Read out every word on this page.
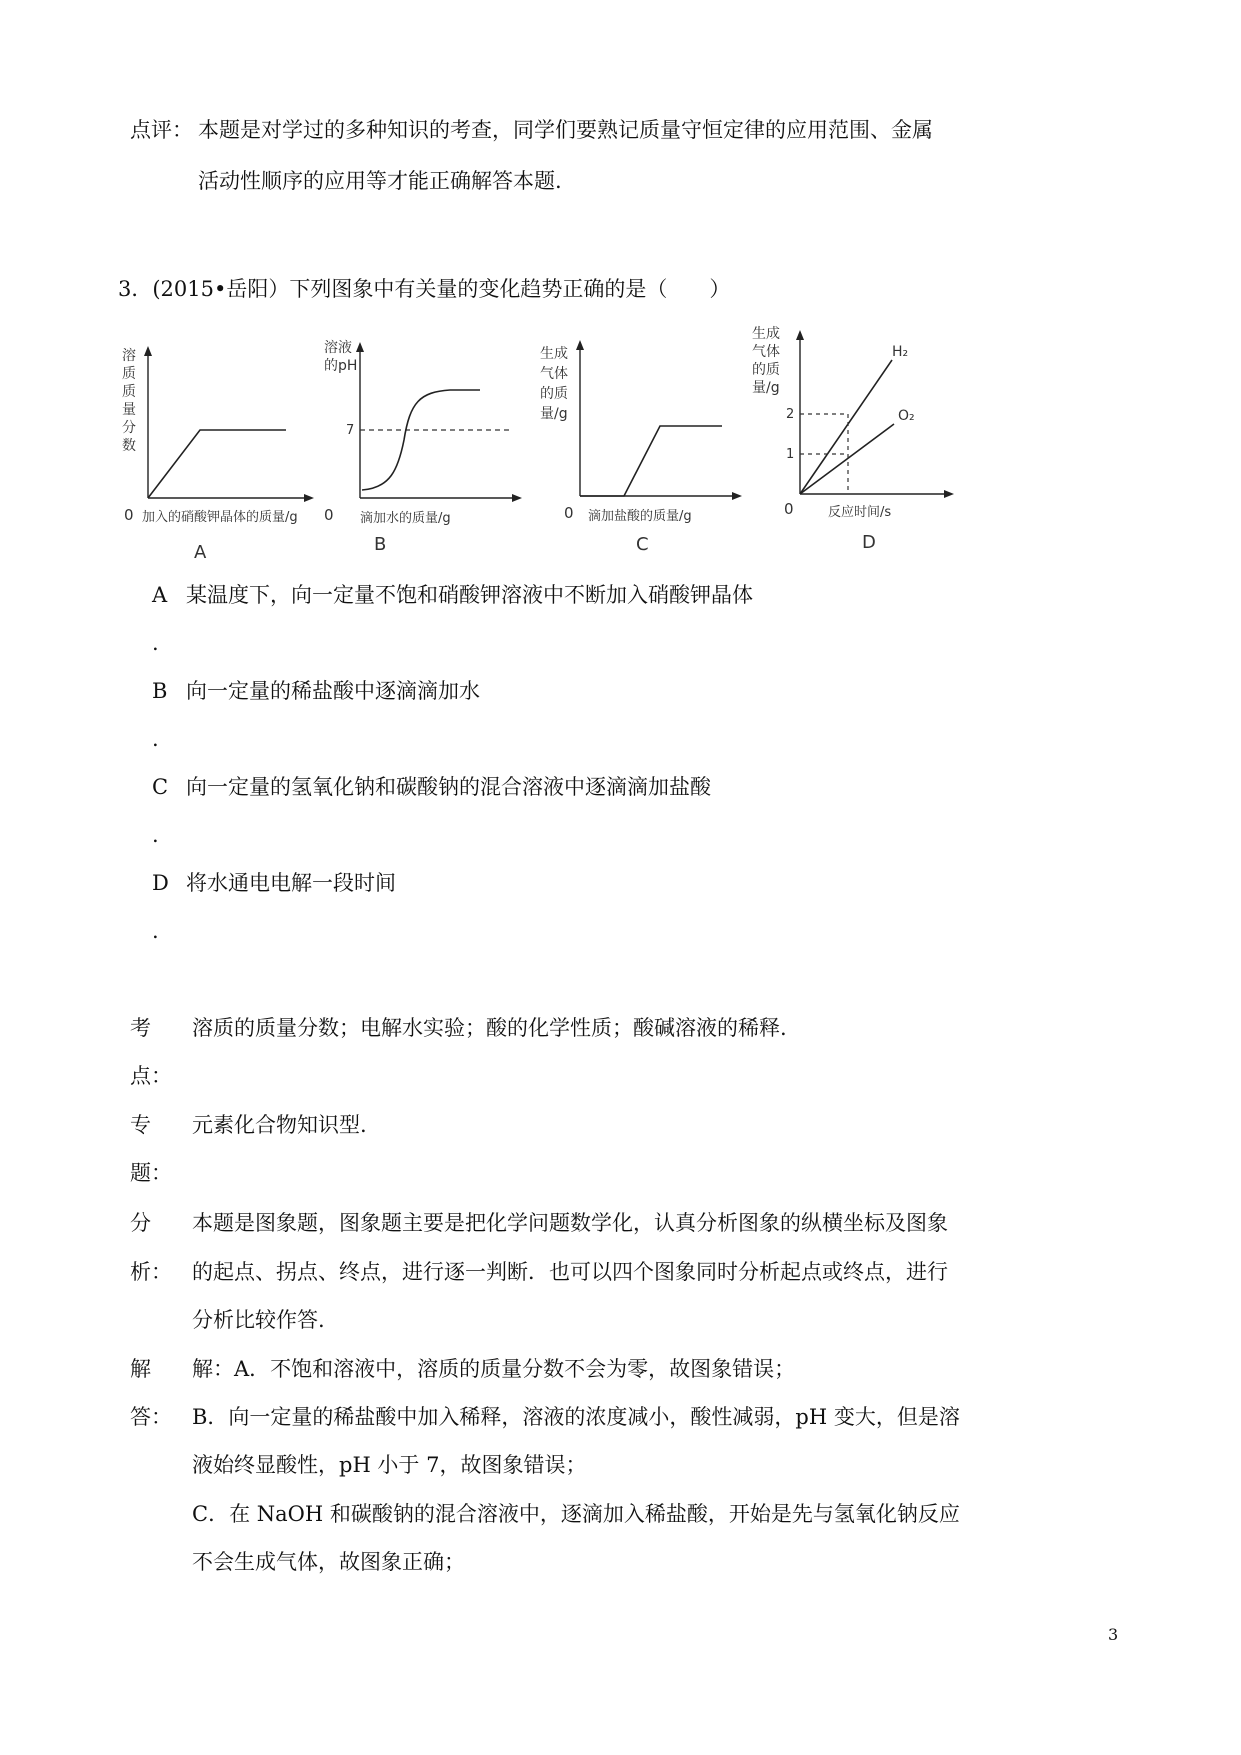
点评： 本题是对学过的多种知识的考查，同学们要熟记质量守恒定律的应用范围、金属
活动性顺序的应用等才能正确解答本题.
3．(2015•岳阳）下列图象中有关量的变化趋势正确的是（　　）
溶
质
质
量
分
数
0 加入的硝酸钾晶体的质量/g
A
溶液
的pH
7
0 滴加水的质量/g
B
生成
气体
的质
量/g
0 滴加盐酸的质量/g
C
生成
气体
的质
量/g
2
1
H₂
O₂
0	反应时间/s
D
A 某温度下，向一定量不饱和硝酸钾溶液中不断加入硝酸钾晶体
.
B 向一定量的稀盐酸中逐滴滴加水
.
C 向一定量的氢氧化钠和碳酸钠的混合溶液中逐滴滴加盐酸
.
D 将水通电电解一段时间
.
考 溶质的质量分数；电解水实验；酸的化学性质；酸碱溶液的稀释.
点：
专 元素化合物知识型.
题：
分 本题是图象题，图象题主要是把化学问题数学化，认真分析图象的纵横坐标及图象
析： 的起点、拐点、终点，进行逐一判断．也可以四个图象同时分析起点或终点，进行
分析比较作答.
解 解：A．不饱和溶液中，溶质的质量分数不会为零，故图象错误；
答： B．向一定量的稀盐酸中加入稀释，溶液的浓度减小，酸性减弱，pH 变大，但是溶
液始终显酸性，pH 小于 7，故图象错误；
C．在 NaOH 和碳酸钠的混合溶液中，逐滴加入稀盐酸，开始是先与氢氧化钠反应
不会生成气体，故图象正确；
3
